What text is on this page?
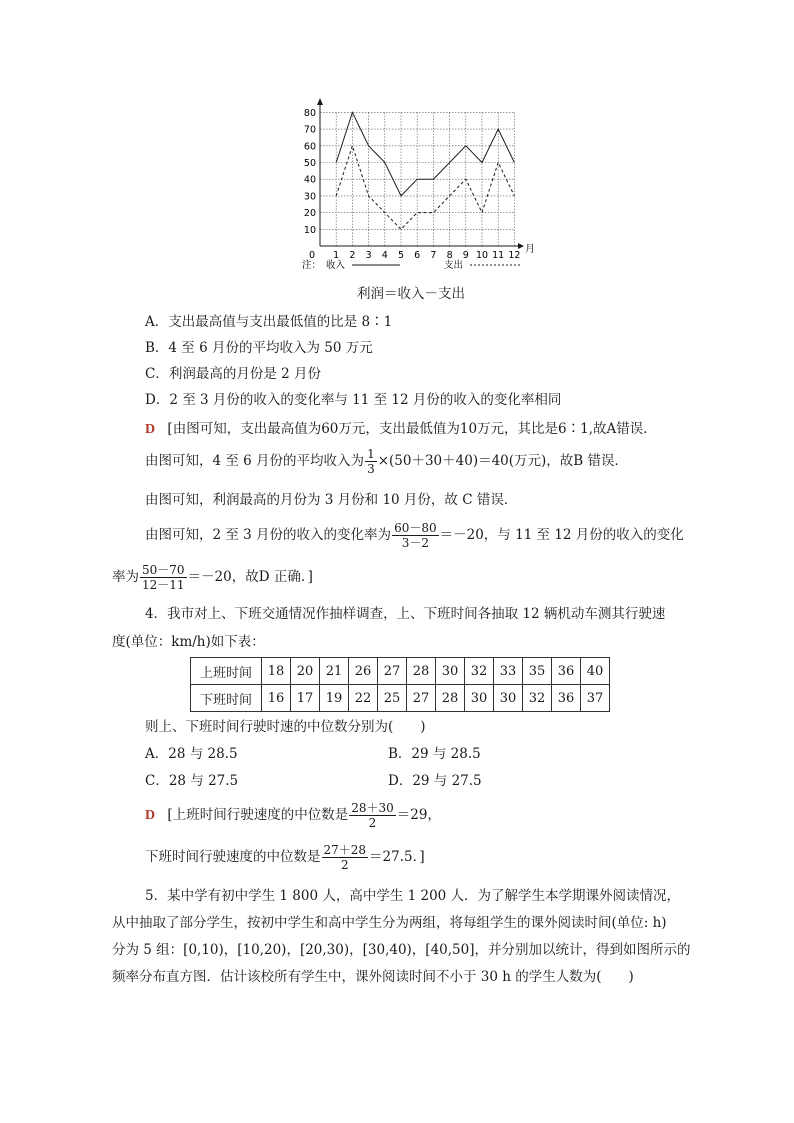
10
20
30
40
50
60
70
80
0 1 2 3 4 5 6 7 8 9 10 11 12
月
注： 收入	支出
利润＝收入－支出
A．支出最高值与支出最低值的比是 8∶1
B．4 至 6 月份的平均收入为 50 万元
C．利润最高的月份是 2 月份
D．2 至 3 月份的收入的变化率与 11 至 12 月份的收入的变化率相同
D [由图可知，支出最高值为60万元，支出最低值为10万元，其比是6∶1,故A错误．
由图可知，4 至 6 月份的平均收入为 $\frac{1}{3} \times(50+30+40)=40$(万元)，故B 错误．
由图可知，利润最高的月份为 3 月份和 10 月份，故 C 错误．
由图可知，2 至 3 月份的收入的变化率为 $\frac{60-80}{3-2} =-20$，与 11 至 12 月份的收入的变化
率为 $\frac{50-70}{12-11} =-20$，故D 正确．]
4．我市对上、下班交通情况作抽样调查，上、下班时间各抽取 12 辆机动车测其行驶速
度(单位：km/h)如下表：
上班时间	18	20	21	26	27	28	30	32	33	35	36	40
下班时间	16	17	19	22	25	27	28	30	30	32	36	37
则上、下班时间行驶时速的中位数分别为(　　)
A．28 与 28.5	B．29 与 28.5
C．28 与 27.5	D．29 与 27.5
D [上班时间行驶速度的中位数是 $\frac{28+30}{2} =29$，
下班时间行驶速度的中位数是 $\frac{27+28}{2} =27.5$．]
5．某中学有初中学生 1 800 人，高中学生 1 200 人．为了解学生本学期课外阅读情况，
从中抽取了部分学生，按初中学生和高中学生分为两组，将每组学生的课外阅读时间(单位: h)
分为 5 组：[0,10)，[10,20)，[20,30)，[30,40)，[40,50]，并分别加以统计，得到如图所示的
频率分布直方图．估计该校所有学生中，课外阅读时间不小于 30 h 的学生人数为(　　)
